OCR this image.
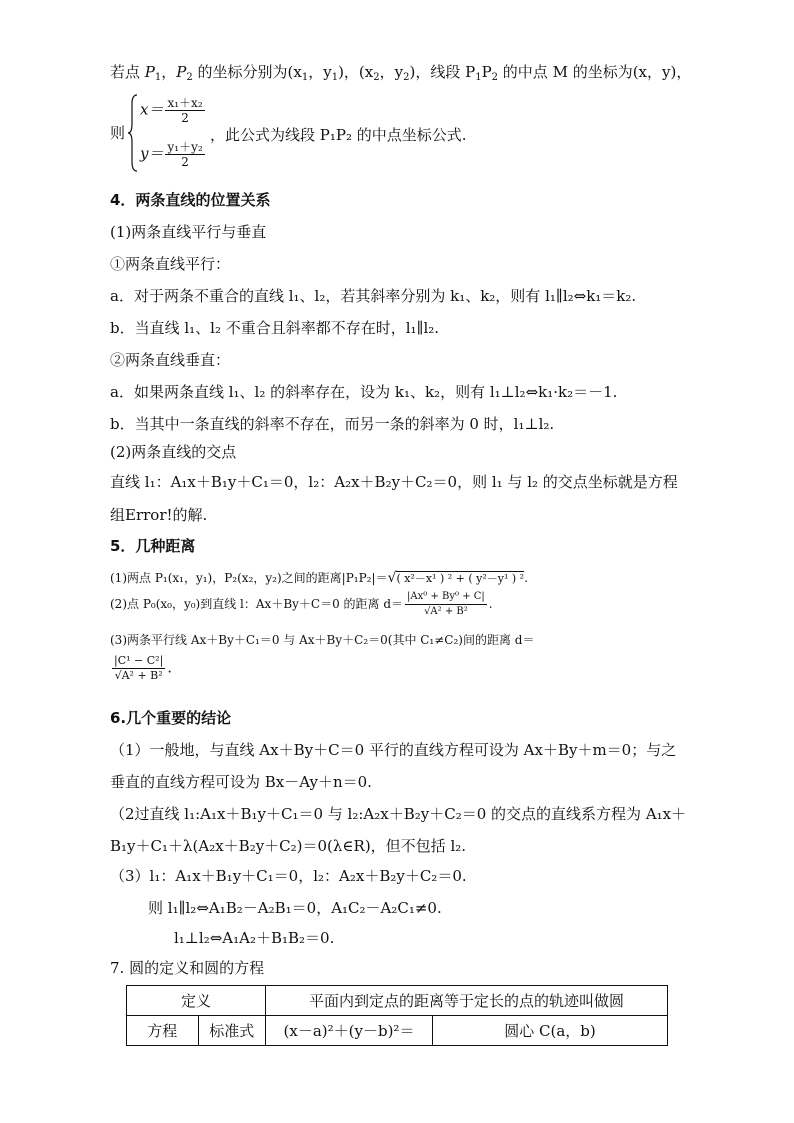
若点 $P_1$，$P_2$ 的坐标分别为($x_1$，$y_1$)，($x_2$，$y_2$)，线段 $P_1P_2$ 的中点 M 的坐标为(x，y)，
则
$x= \frac{\text{x₁＋x₂}}{2}$
$y= \frac{\text{y₁＋y₂}}{2}$
，此公式为线段 P₁P₂ 的中点坐标公式.
4．两条直线的位置关系
(1)两条直线平行与垂直
①两条直线平行：
a．对于两条不重合的直线 l₁、l₂，若其斜率分别为 k₁、k₂，则有 l₁∥l₂⇔k₁＝k₂.
b．当直线 l₁、l₂ 不重合且斜率都不存在时，l₁∥l₂.
②两条直线垂直：
a．如果两条直线 l₁、l₂ 的斜率存在，设为 k₁、k₂，则有 l₁⊥l₂⇔k₁·k₂＝－1.
b．当其中一条直线的斜率不存在，而另一条的斜率为 0 时，l₁⊥l₂.
(2)两条直线的交点
直线 l₁：A₁x＋B₁y＋C₁＝0，l₂：A₂x＋B₂y＋C₂＝0，则 l₁ 与 l₂ 的交点坐标就是方程
组Error!的解.
5．几种距离
(1)两点 P₁(x₁，y₁)，P₂(x₂，y₂)之间的距离|P₁P₂|＝√( x²－x¹ ) ² + ( y²－y¹ ) ².
(2)点 P₀(x₀，y₀)到直线 l：Ax＋By＋C＝0 的距离 $d= \frac{\text{|Ax⁰ + By⁰ + C|}}{\text{√A² + B²}}$ .
(3)两条平行线 Ax＋By＋C₁＝0 与 Ax＋By＋C₂＝0(其中 C₁≠C₂)间的距离 d＝
$\frac{\text{|C¹ − C²|}}{\text{√A² + B²}}$ .
6.几个重要的结论
（1）一般地，与直线 Ax＋By＋C＝0 平行的直线方程可设为 Ax＋By＋m＝0；与之
垂直的直线方程可设为 Bx－Ay＋n＝0.
（2过直线 l₁:A₁x＋B₁y＋C₁＝0 与 l₂:A₂x＋B₂y＋C₂＝0 的交点的直线系方程为 A₁x＋
B₁y＋C₁＋λ(A₂x＋B₂y＋C₂)＝0(λ∈R)，但不包括 l₂.
（3）l₁：A₁x＋B₁y＋C₁＝0，l₂：A₂x＋B₂y＋C₂＝0.
则 l₁∥l₂⇔A₁B₂－A₂B₁＝0，A₁C₂－A₂C₁≠0.
l₁⊥l₂⇔A₁A₂＋B₁B₂＝0.
7. 圆的定义和圆的方程
定义		平面内到定点的距离等于定长的点的轨迹叫做圆	
方程	标准式	(x－a)²＋(y－b)²＝	圆心 C(a，b)
